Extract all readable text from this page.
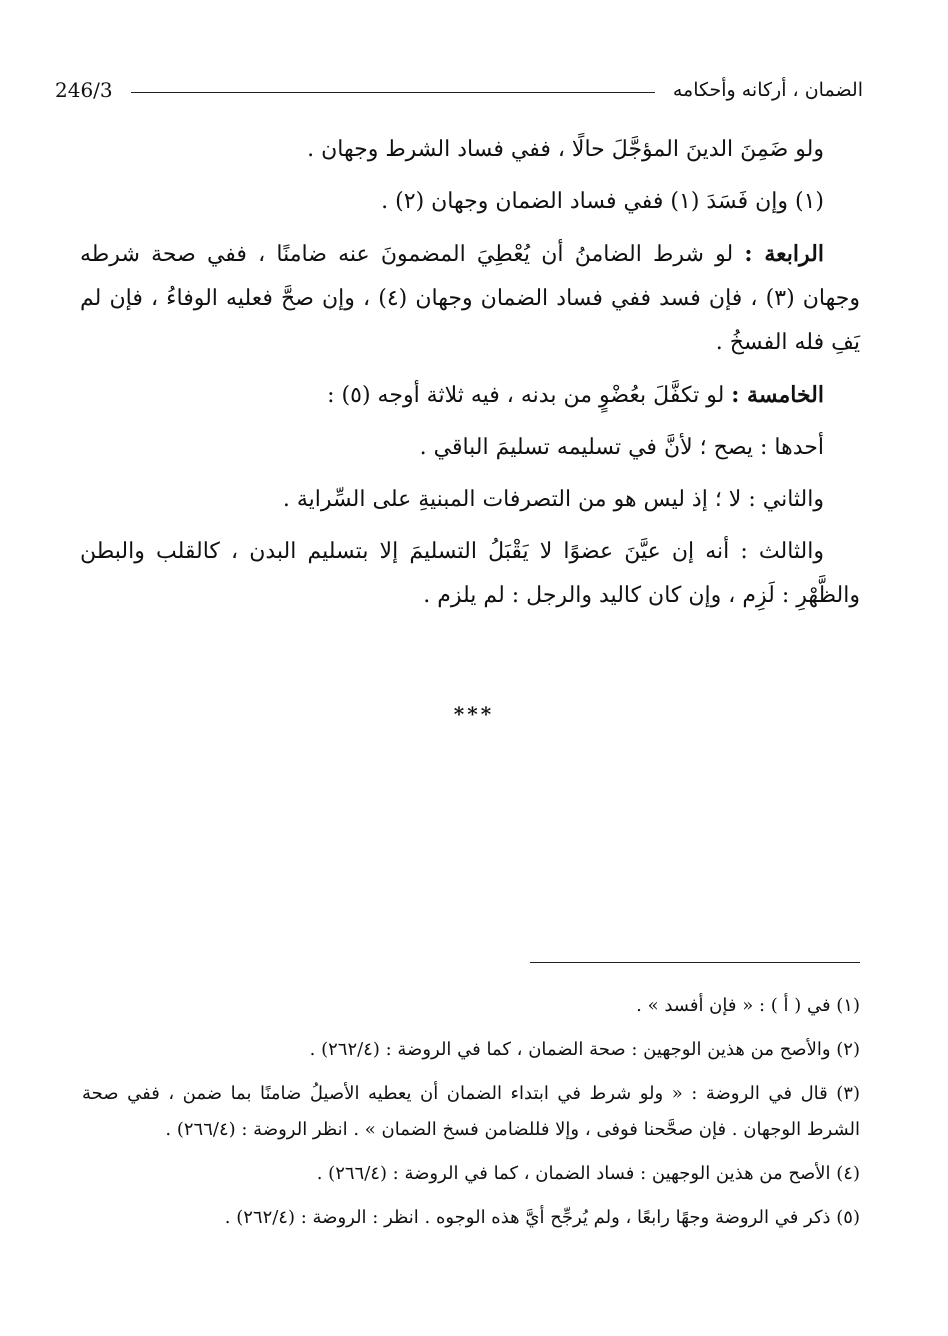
الضمان ، أركانه وأحكامه
246/3

ولو ضَمِنَ الدينَ المؤجَّلَ حالًا ، ففي فساد الشرط وجهان .

(١) وإن فَسَدَ (١) ففي فساد الضمان وجهان (٢) .

الرابعة : لو شرط الضامنُ أن يُعْطِيَ المضمونَ عنه ضامنًا ، ففي صحة شرطه وجهان (٣) ، فإن فسد ففي فساد الضمان وجهان (٤) ، وإن صحَّ فعليه الوفاءُ ، فإن لم يَفِ فله الفسخُ .

الخامسة : لو تكفَّلَ بعُضْوٍ من بدنه ، فيه ثلاثة أوجه (٥) :

أحدها : يصح ؛ لأنَّ في تسليمه تسليمَ الباقي .

والثاني : لا ؛ إذ ليس هو من التصرفات المبنيةِ على السِّراية .

والثالث : أنه إن عيَّنَ عضوًا لا يَقْبَلُ التسليمَ إلا بتسليم البدن ، كالقلب والبطن والظَّهْرِ : لَزِم ، وإن كان كاليد والرجل : لم يلزم .

***

(١) في ( أ ) : « فإن أفسد » .

(٢) والأصح من هذين الوجهين : صحة الضمان ، كما في الروضة : (٢٦٢/٤) .

(٣) قال في الروضة : « ولو شرط في ابتداء الضمان أن يعطيه الأصيلُ ضامنًا بما ضمن ، ففي صحة الشرط الوجهان . فإن صحَّحنا فوفى ، وإلا فللضامن فسخ الضمان » . انظر الروضة : (٢٦٦/٤) .

(٤) الأصح من هذين الوجهين : فساد الضمان ، كما في الروضة : (٢٦٦/٤) .

(٥) ذكر في الروضة وجهًا رابعًا ، ولم يُرجِّح أيَّ هذه الوجوه . انظر : الروضة : (٢٦٢/٤) .
